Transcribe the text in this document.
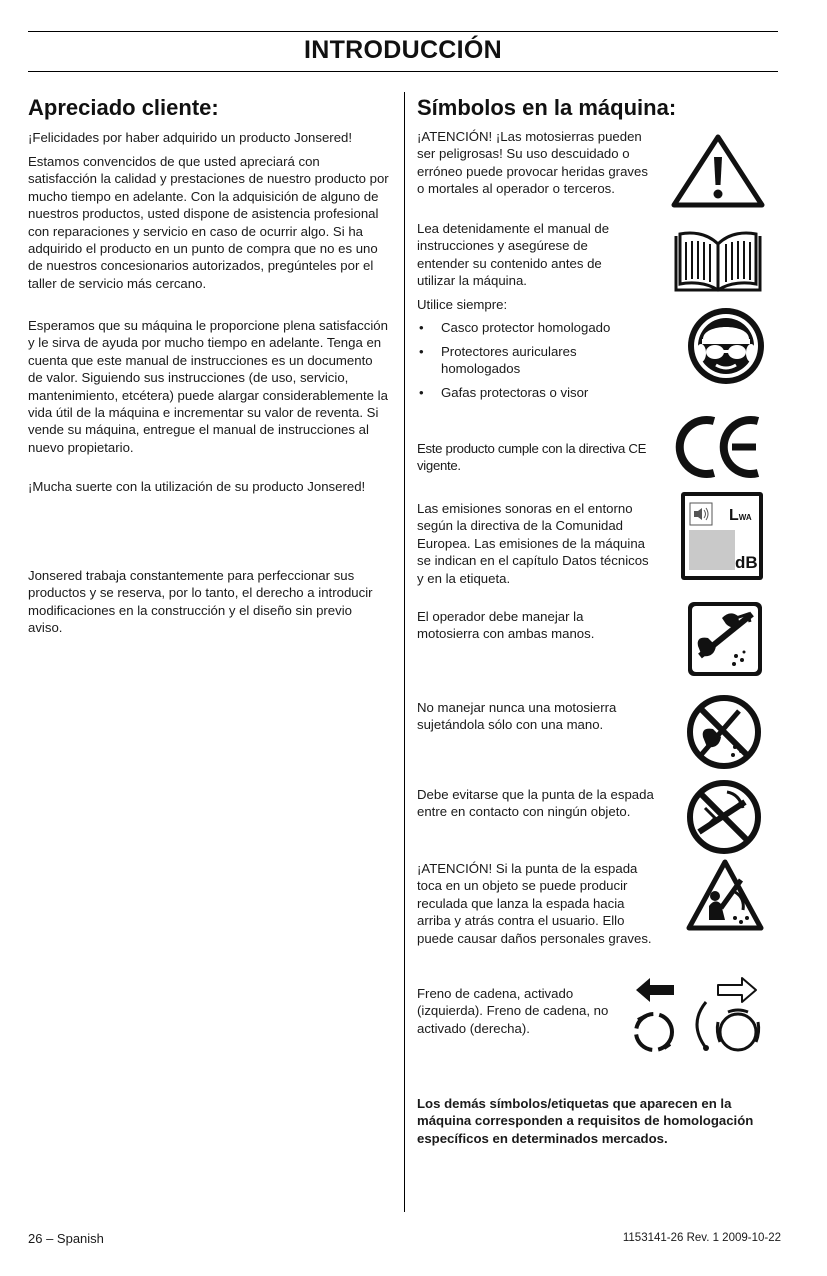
INTRODUCCIÓN
Apreciado cliente:

¡Felicidades por haber adquirido un producto Jonsered!

Estamos convencidos de que usted apreciará con satisfacción la calidad y prestaciones de nuestro producto por mucho tiempo en adelante. Con la adquisición de alguno de nuestros productos, usted dispone de asistencia profesional con reparaciones y servicio en caso de ocurrir algo. Si ha adquirido el producto en un punto de compra que no es uno de nuestros concesionarios autorizados, pregúnteles por el taller de servicio más cercano.

Esperamos que su máquina le proporcione plena satisfacción y le sirva de ayuda por mucho tiempo en adelante. Tenga en cuenta que este manual de instrucciones es un documento de valor. Siguiendo sus instrucciones (de uso, servicio, mantenimiento, etcétera) puede alargar considerablemente la vida útil de la máquina e incrementar su valor de reventa. Si vende su máquina, entregue el manual de instrucciones al nuevo propietario.

¡Mucha suerte con la utilización de su producto Jonsered!

Jonsered trabaja constantemente para perfeccionar sus productos y se reserva, por lo tanto, el derecho a introducir modificaciones en la construcción y el diseño sin previo aviso.

Símbolos en la máquina:

¡ATENCIÓN! ¡Las motosierras pueden ser peligrosas! Su uso descuidado o erróneo puede provocar heridas graves o mortales al operador o terceros.

Lea detenidamente el manual de instrucciones y asegúrese de entender su contenido antes de utilizar la máquina.

Utilice siempre:

• Casco protector homologado
• Protectores auriculares homologados
• Gafas protectoras o visor

Este producto cumple con la directiva CE vigente.

Las emisiones sonoras en el entorno según la directiva de la Comunidad Europea. Las emisiones de la máquina se indican en el capítulo Datos técnicos y en la etiqueta.

LWA
dB

El operador debe manejar la motosierra con ambas manos.

No manejar nunca una motosierra sujetándola sólo con una mano.

Debe evitarse que la punta de la espada entre en contacto con ningún objeto.

¡ATENCIÓN! Si la punta de la espada toca en un objeto se puede producir reculada que lanza la espada hacia arriba y atrás contra el usuario. Ello puede causar daños personales graves.

Freno de cadena, activado (izquierda). Freno de cadena, no activado (derecha).

Los demás símbolos/etiquetas que aparecen en la máquina corresponden a requisitos de homologación específicos en determinados mercados.

26 – Spanish	1153141-26 Rev. 1 2009-10-22
